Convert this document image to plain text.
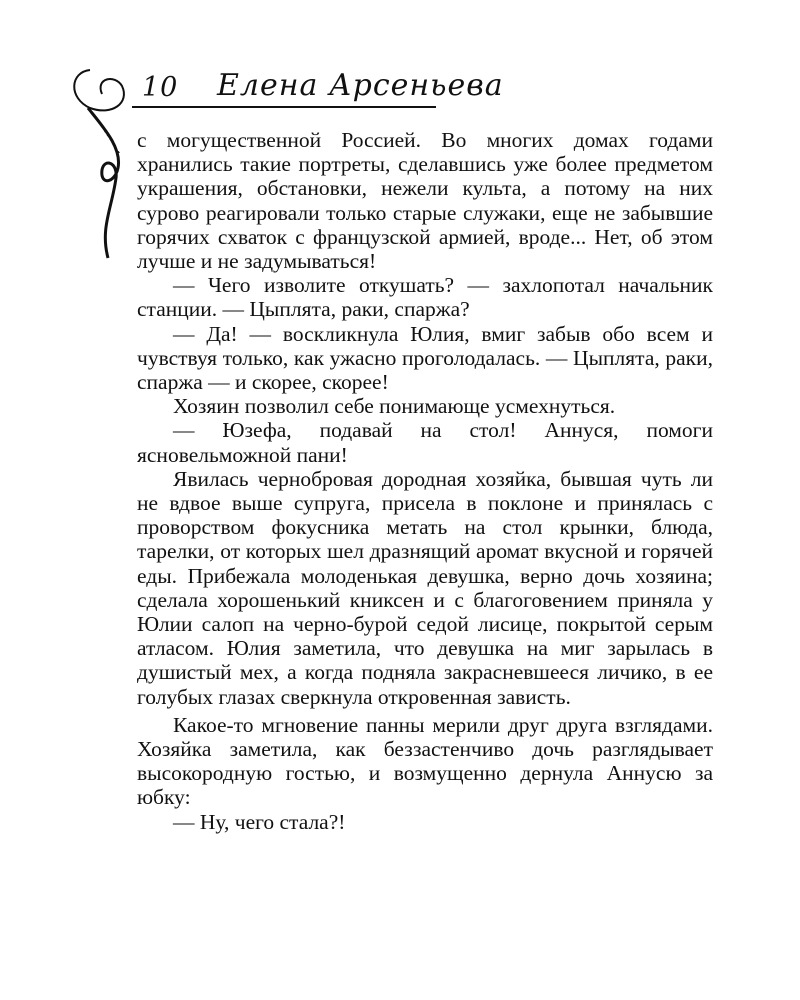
10 Елена Арсеньева

с могущественной Россией. Во многих домах годами хранились такие портреты, сделавшись уже более предметом украшения, обстановки, нежели культа, а потому на них сурово реагировали только старые служаки, еще не забывшие горячих схваток с французской армией, вроде... Нет, об этом лучше и не задумываться!

— Чего изволите откушать? — захлопотал начальник станции. — Цыплята, раки, спаржа?

— Да! — воскликнула Юлия, вмиг забыв обо всем и чувствуя только, как ужасно проголодалась. — Цыплята, раки, спаржа — и скорее, скорее!

Хозяин позволил себе понимающе усмехнуться.

— Юзефа, подавай на стол! Аннуся, помоги ясновельможной пани!

Явилась чернобровая дородная хозяйка, бывшая чуть ли не вдвое выше супруга, присела в поклоне и принялась с проворством фокусника метать на стол крынки, блюда, тарелки, от которых шел дразнящий аромат вкусной и горячей еды. Прибежала молоденькая девушка, верно дочь хозяина; сделала хорошенький книксен и с благоговением приняла у Юлии салоп на черно-бурой седой лисице, покрытой серым атласом. Юлия заметила, что девушка на миг зарылась в душистый мех, а когда подняла закрасневшееся личико, в ее голубых глазах сверкнула откровенная зависть.

Какое-то мгновение панны мерили друг друга взглядами. Хозяйка заметила, как беззастенчиво дочь разглядывает высокородную гостью, и возмущенно дернула Аннусю за юбку:

— Ну, чего стала?!
